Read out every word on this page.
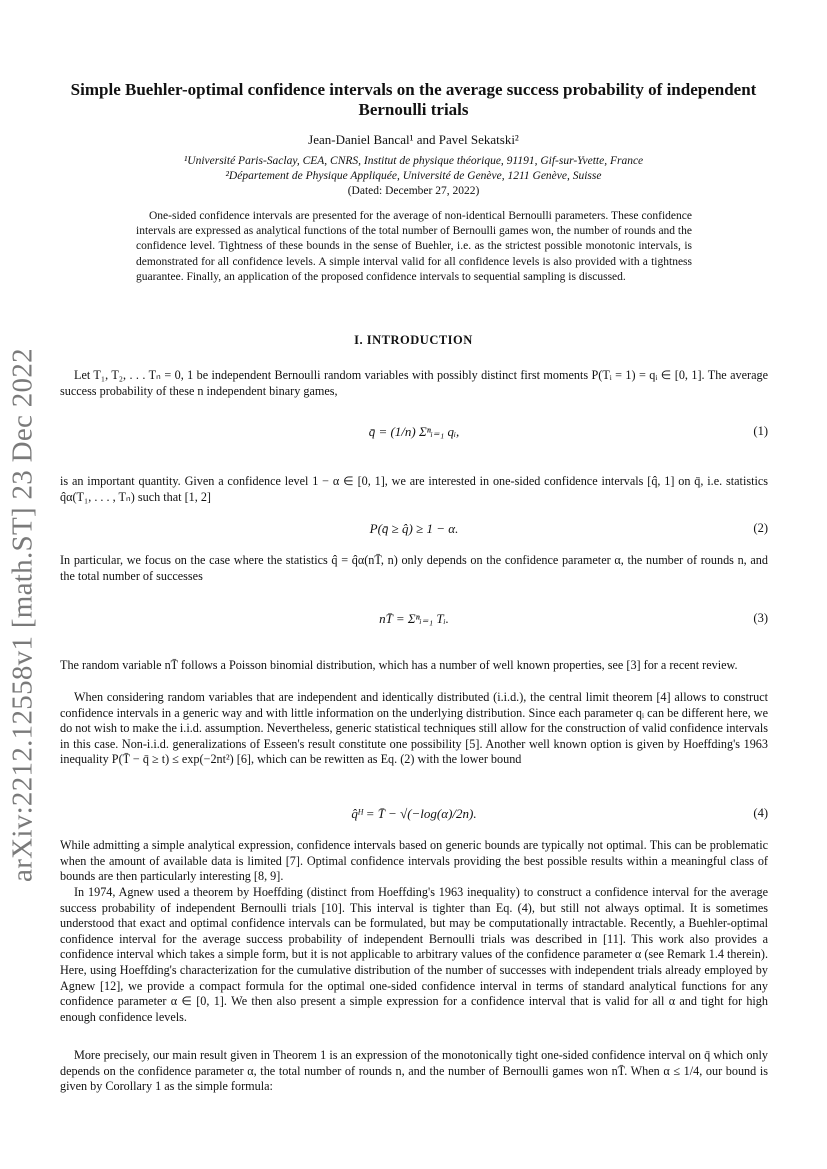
arXiv:2212.12558v1 [math.ST] 23 Dec 2022
Simple Buehler-optimal confidence intervals on the average success probability of independent Bernoulli trials
Jean-Daniel Bancal¹ and Pavel Sekatski²
¹Université Paris-Saclay, CEA, CNRS, Institut de physique théorique, 91191, Gif-sur-Yvette, France
²Département de Physique Appliquée, Université de Genève, 1211 Genève, Suisse
(Dated: December 27, 2022)
One-sided confidence intervals are presented for the average of non-identical Bernoulli parameters. These confidence intervals are expressed as analytical functions of the total number of Bernoulli games won, the number of rounds and the confidence level. Tightness of these bounds in the sense of Buehler, i.e. as the strictest possible monotonic intervals, is demonstrated for all confidence levels. A simple interval valid for all confidence levels is also provided with a tightness guarantee. Finally, an application of the proposed confidence intervals to sequential sampling is discussed.
I. INTRODUCTION
Let T₁, T₂, . . . Tₙ = 0, 1 be independent Bernoulli random variables with possibly distinct first moments P(Tᵢ = 1) = qᵢ ∈ [0, 1]. The average success probability of these n independent binary games,
q̄ = (1/n) Σⁿᵢ₌₁ qᵢ,	(1)
is an important quantity. Given a confidence level 1 − α ∈ [0, 1], we are interested in one-sided confidence intervals [q̂, 1] on q̄, i.e. statistics q̂α(T₁, . . . , Tₙ) such that [1, 2]
P(q̄ ≥ q̂) ≥ 1 − α.	(2)
In particular, we focus on the case where the statistics q̂ = q̂α(nT̄, n) only depends on the confidence parameter α, the number of rounds n, and the total number of successes
nT̄ = Σⁿᵢ₌₁ Tᵢ.	(3)
The random variable nT̄ follows a Poisson binomial distribution, which has a number of well known properties, see [3] for a recent review.
When considering random variables that are independent and identically distributed (i.i.d.), the central limit theorem [4] allows to construct confidence intervals in a generic way and with little information on the underlying distribution. Since each parameter qᵢ can be different here, we do not wish to make the i.i.d. assumption. Nevertheless, generic statistical techniques still allow for the construction of valid confidence intervals in this case. Non-i.i.d. generalizations of Esseen's result constitute one possibility [5]. Another well known option is given by Hoeffding's 1963 inequality P(T̄ − q̄ ≥ t) ≤ exp(−2nt²) [6], which can be rewitten as Eq. (2) with the lower bound
q̂ᴴ = T̄ − √(−log(α)/2n).	(4)
While admitting a simple analytical expression, confidence intervals based on generic bounds are typically not optimal. This can be problematic when the amount of available data is limited [7]. Optimal confidence intervals providing the best possible results within a meaningful class of bounds are then particularly interesting [8, 9].
In 1974, Agnew used a theorem by Hoeffding (distinct from Hoeffding's 1963 inequality) to construct a confidence interval for the average success probability of independent Bernoulli trials [10]. This interval is tighter than Eq. (4), but still not always optimal. It is sometimes understood that exact and optimal confidence intervals can be formulated, but may be computationally intractable. Recently, a Buehler-optimal confidence interval for the average success probability of independent Bernoulli trials was described in [11]. This work also provides a confidence interval which takes a simple form, but it is not applicable to arbitrary values of the confidence parameter α (see Remark 1.4 therein). Here, using Hoeffding's characterization for the cumulative distribution of the number of successes with independent trials already employed by Agnew [12], we provide a compact formula for the optimal one-sided confidence interval in terms of standard analytical functions for any confidence parameter α ∈ [0, 1]. We then also present a simple expression for a confidence interval that is valid for all α and tight for high enough confidence levels.
More precisely, our main result given in Theorem 1 is an expression of the monotonically tight one-sided confidence interval on q̄ which only depends on the confidence parameter α, the total number of rounds n, and the number of Bernoulli games won nT̄. When α ≤ 1/4, our bound is given by Corollary 1 as the simple formula:
